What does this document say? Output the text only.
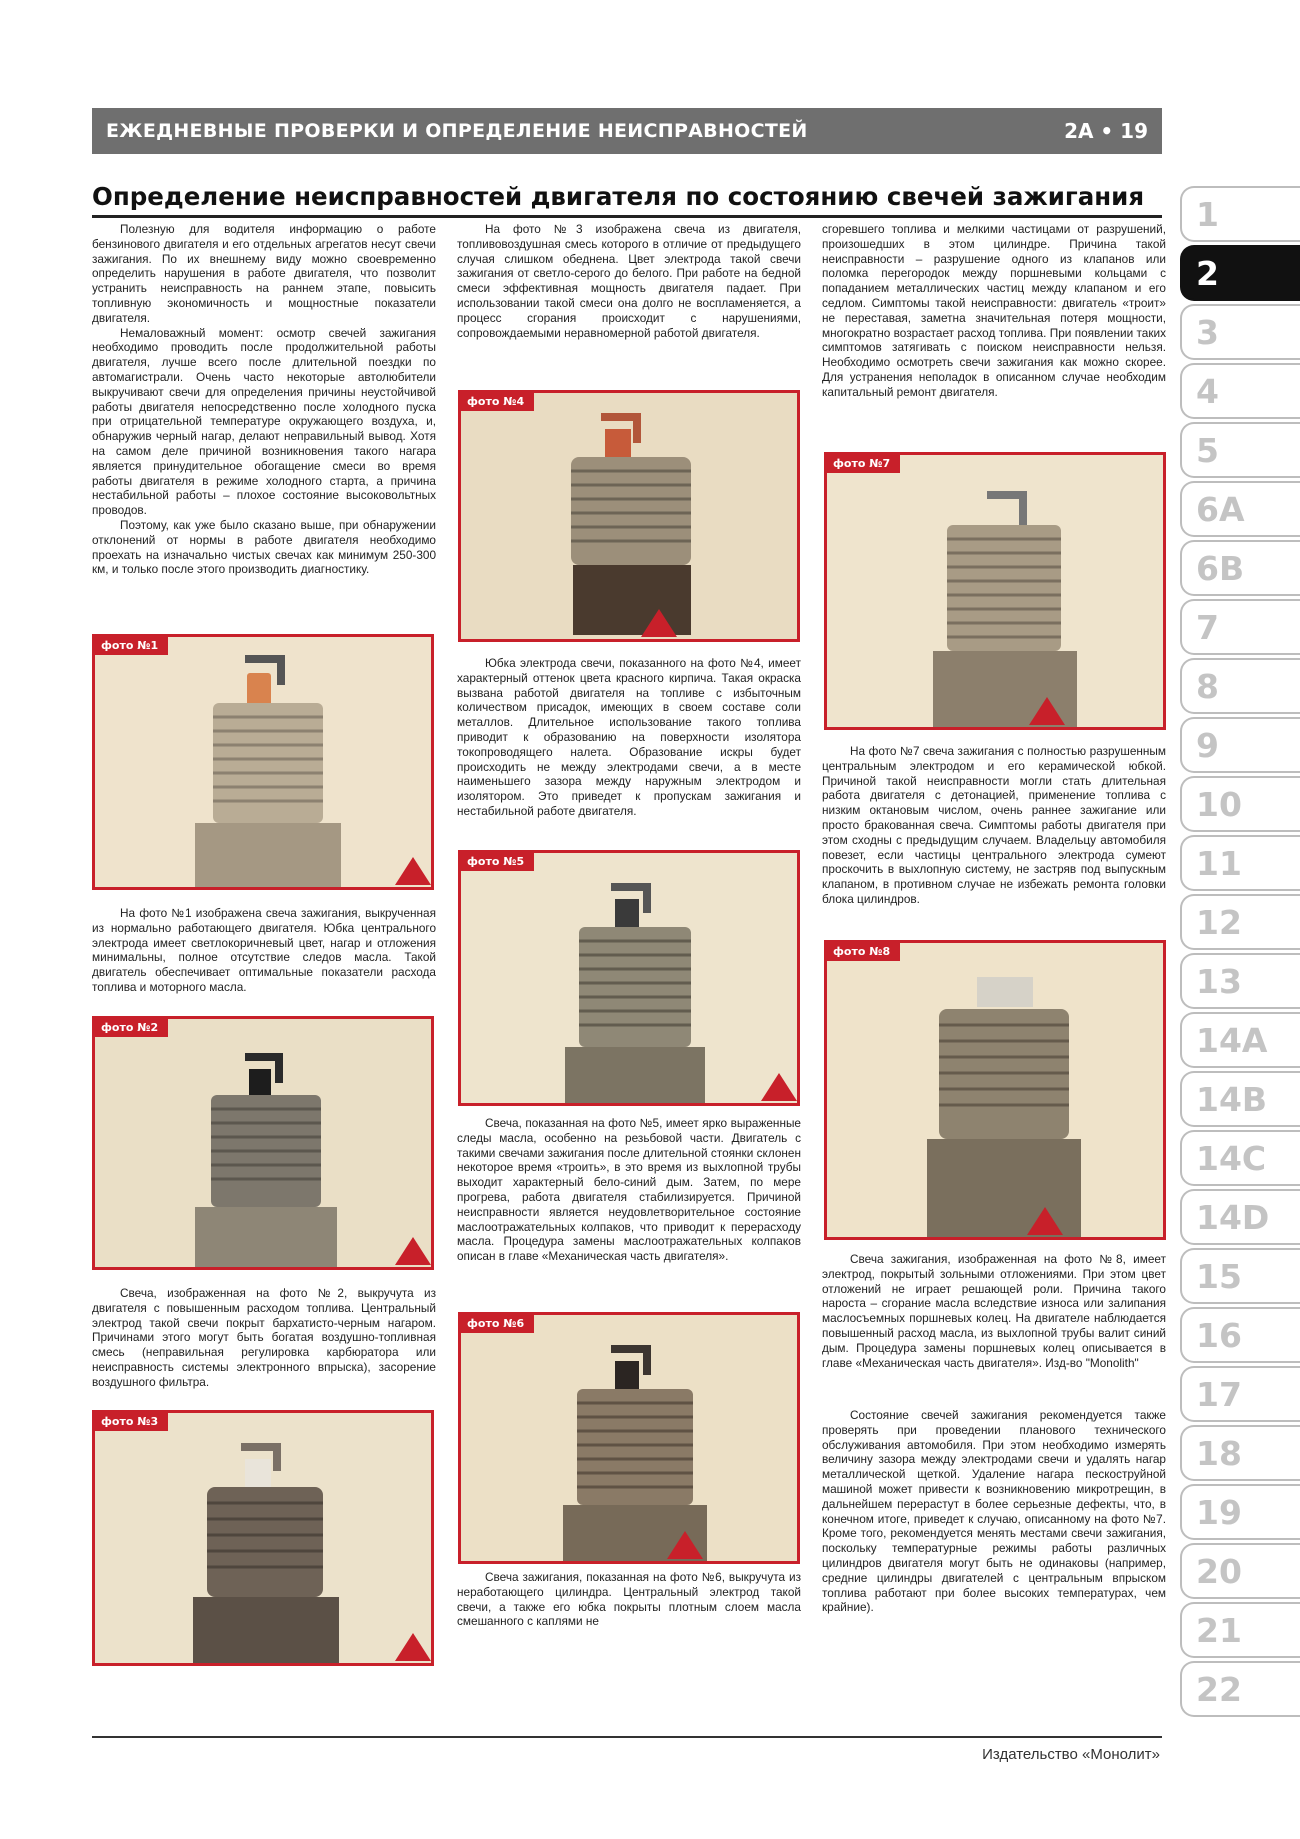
ЕЖЕДНЕВНЫЕ ПРОВЕРКИ И ОПРЕДЕЛЕНИЕ НЕИСПРАВНОСТЕЙ	2A • 19
Определение неисправностей двигателя по состоянию свечей зажигания

Полезную для водителя информацию о работе бензинового двигателя и его отдельных агрегатов несут свечи зажигания. По их внешнему виду можно своевременно определить нарушения в работе двигателя, что позволит устранить неисправность на раннем этапе, повысить топливную экономичность и мощностные показатели двигателя.

Немаловажный момент: осмотр свечей зажигания необходимо проводить после продолжительной работы двигателя, лучше всего после длительной поездки по автомагистрали. Очень часто некоторые автолюбители выкручивают свечи для определения причины неустойчивой работы двигателя непосредственно после холодного пуска при отрицательной температуре окружающего воздуха, и, обнаружив черный нагар, делают неправильный вывод. Хотя на самом деле причиной возникновения такого нагара является принудительное обогащение смеси во время работы двигателя в режиме холодного старта, а причина нестабильной работы – плохое состояние высоковольтных проводов.

Поэтому, как уже было сказано выше, при обнаружении отклонений от нормы в работе двигателя необходимо проехать на изначально чистых свечах как минимум 250-300 км, и только после этого производить диагностику.

На фото №1 изображена свеча зажигания, выкрученная из нормально работающего двигателя. Юбка центрального электрода имеет светлокоричневый цвет, нагар и отложения минимальны, полное отсутствие следов масла. Такой двигатель обеспечивает оптимальные показатели расхода топлива и моторного масла.

Свеча, изображенная на фото №2, выкручута из двигателя с повышенным расходом топлива. Центральный электрод такой свечи покрыт бархатисто-черным нагаром. Причинами этого могут быть богатая воздушно-топливная смесь (неправильная регулировка карбюратора или неисправность системы электронного впрыска), засорение воздушного фильтра.

На фото №3 изображена свеча из двигателя, топливовоздушная смесь которого в отличие от предыдущего случая слишком обеднена. Цвет электрода такой свечи зажигания от светло-серого до белого. При работе на бедной смеси эффективная мощность двигателя падает. При использовании такой смеси она долго не воспламеняется, а процесс сгорания происходит с нарушениями, сопровождаемыми неравномерной работой двигателя.

Юбка электрода свечи, показанного на фото №4, имеет характерный оттенок цвета красного кирпича. Такая окраска вызвана работой двигателя на топливе с избыточным количеством присадок, имеющих в своем составе соли металлов. Длительное использование такого топлива приводит к образованию на поверхности изолятора токопроводящего налета. Образование искры будет происходить не между электродами свечи, а в месте наименьшего зазора между наружным электродом и изолятором. Это приведет к пропускам зажигания и нестабильной работе двигателя.

Свеча, показанная на фото №5, имеет ярко выраженные следы масла, особенно на резьбовой части. Двигатель с такими свечами зажигания после длительной стоянки склонен некоторое время «троить», в это время из выхлопной трубы выходит характерный бело-синий дым. Затем, по мере прогрева, работа двигателя стабилизируется. Причиной неисправности является неудовлетворительное состояние маслоотражательных колпаков, что приводит к перерасходу масла. Процедура замены маслоотражательных колпаков описан в главе «Механическая часть двигателя».

Свеча зажигания, показанная на фото №6, выкручута из неработающего цилиндра. Центральный электрод такой свечи, а также его юбка покрыты плотным слоем масла смешанного с каплями не

сгоревшего топлива и мелкими частицами от разрушений, произошедших в этом цилиндре. Причина такой неисправности – разрушение одного из клапанов или поломка перегородок между поршневыми кольцами с попаданием металлических частиц между клапаном и его седлом. Симптомы такой неисправности: двигатель «троит» не переставая, заметна значительная потеря мощности, многократно возрастает расход топлива. При появлении таких симптомов затягивать с поиском неисправности нельзя. Необходимо осмотреть свечи зажигания как можно скорее. Для устранения неполадок в описанном случае необходим капитальный ремонт двигателя.

На фото №7 свеча зажигания с полностью разрушенным центральным электродом и его керамической юбкой. Причиной такой неисправности могли стать длительная работа двигателя с детонацией, применение топлива с низким октановым числом, очень раннее зажигание или просто бракованная свеча. Симптомы работы двигателя при этом сходны с предыдущим случаем. Владельцу автомобиля повезет, если частицы центрального электрода сумеют проскочить в выхлопную систему, не застряв под выпускным клапаном, в противном случае не избежать ремонта головки блока цилиндров.

Свеча зажигания, изображенная на фото №8, имеет электрод, покрытый зольными отложениями. При этом цвет отложений не играет решающей роли. Причина такого нароста – сгорание масла вследствие износа или залипания маслосъемных поршневых колец. На двигателе наблюдается повышенный расход масла, из выхлопной трубы валит синий дым. Процедура замены поршневых колец описывается в главе «Механическая часть двигателя». Изд-во "Monolith"

Состояние свечей зажигания рекомендуется также проверять при проведении планового технического обслуживания автомобиля. При этом необходимо измерять величину зазора между электродами свечи и удалять нагар металлической щеткой. Удаление нагара пескоструйной машиной может привести к возникновению микротрещин, в дальнейшем перерастут в более серьезные дефекты, что, в конечном итоге, приведет к случаю, описанному на фото №7. Кроме того, рекомендуется менять местами свечи зажигания, поскольку температурные режимы работы различных цилиндров двигателя могут быть не одинаковы (например, средние цилиндры двигателей с центральным впрыском топлива работают при более высоких температурах, чем крайние).

фото №1
фото №2
фото №3
фото №4
фото №5
фото №6
фото №7
фото №8
1
2
3
4
5
6A
6B
7
8
9
10
11
12
13
14A
14B
14C
14D
15
16
17
18
19
20
21
22
Издательство «Монолит»
